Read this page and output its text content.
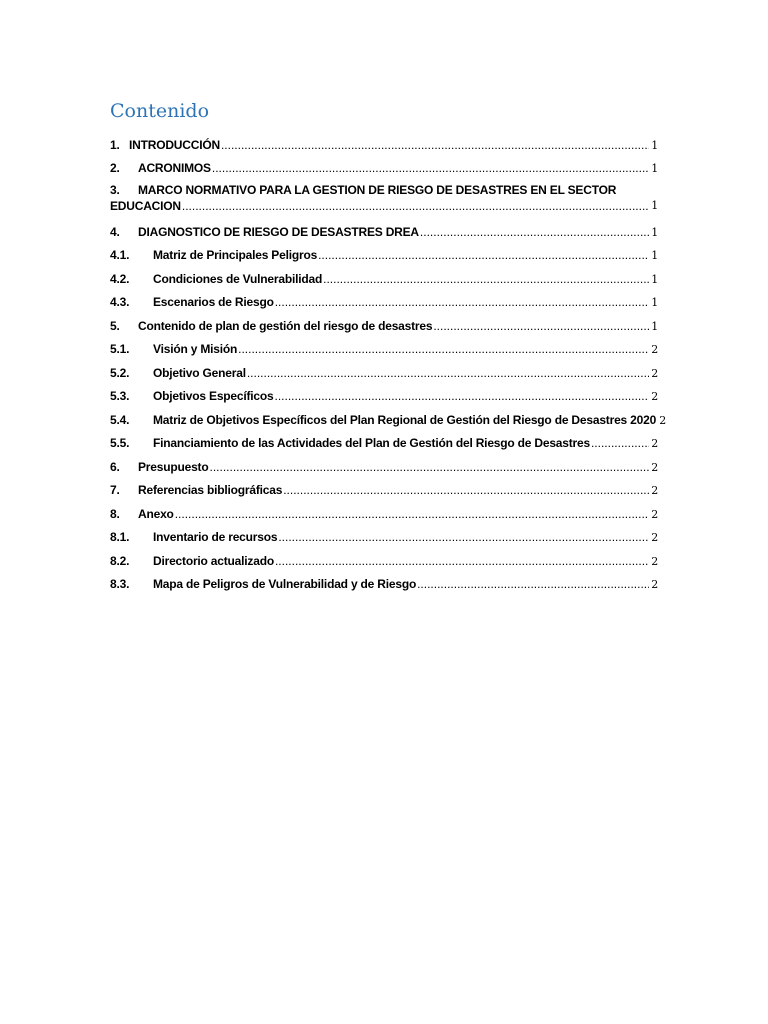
Contenido
1. INTRODUCCIÓN .....	1
2.	ACRONIMOS .....	1
3.	MARCO NORMATIVO PARA LA GESTION DE RIESGO DE DESASTRES EN EL SECTOR
EDUCACION .....	1
4.	DIAGNOSTICO DE RIESGO DE DESASTRES DREA .....	1
4.1.	Matriz de Principales Peligros .....	1
4.2.	Condiciones de Vulnerabilidad .....	1
4.3.	Escenarios de Riesgo .....	1
5.	Contenido de plan de gestión del riesgo de desastres .....	1
5.1.	Visión y Misión .....	2
5.2.	Objetivo General .....	2
5.3.	Objetivos Específicos .....	2
5.4.	Matriz de Objetivos Específicos del Plan Regional de Gestión del Riesgo de Desastres 2020 2
5.5.	Financiamiento de las Actividades del Plan de Gestión del Riesgo de Desastres .....	2
6.	Presupuesto .....	2
7.	Referencias bibliográficas .....	2
8.	Anexo .....	2
8.1.	Inventario de recursos .....	2
8.2.	Directorio actualizado .....	2
8.3.	Mapa de Peligros de Vulnerabilidad y de Riesgo .....	2
